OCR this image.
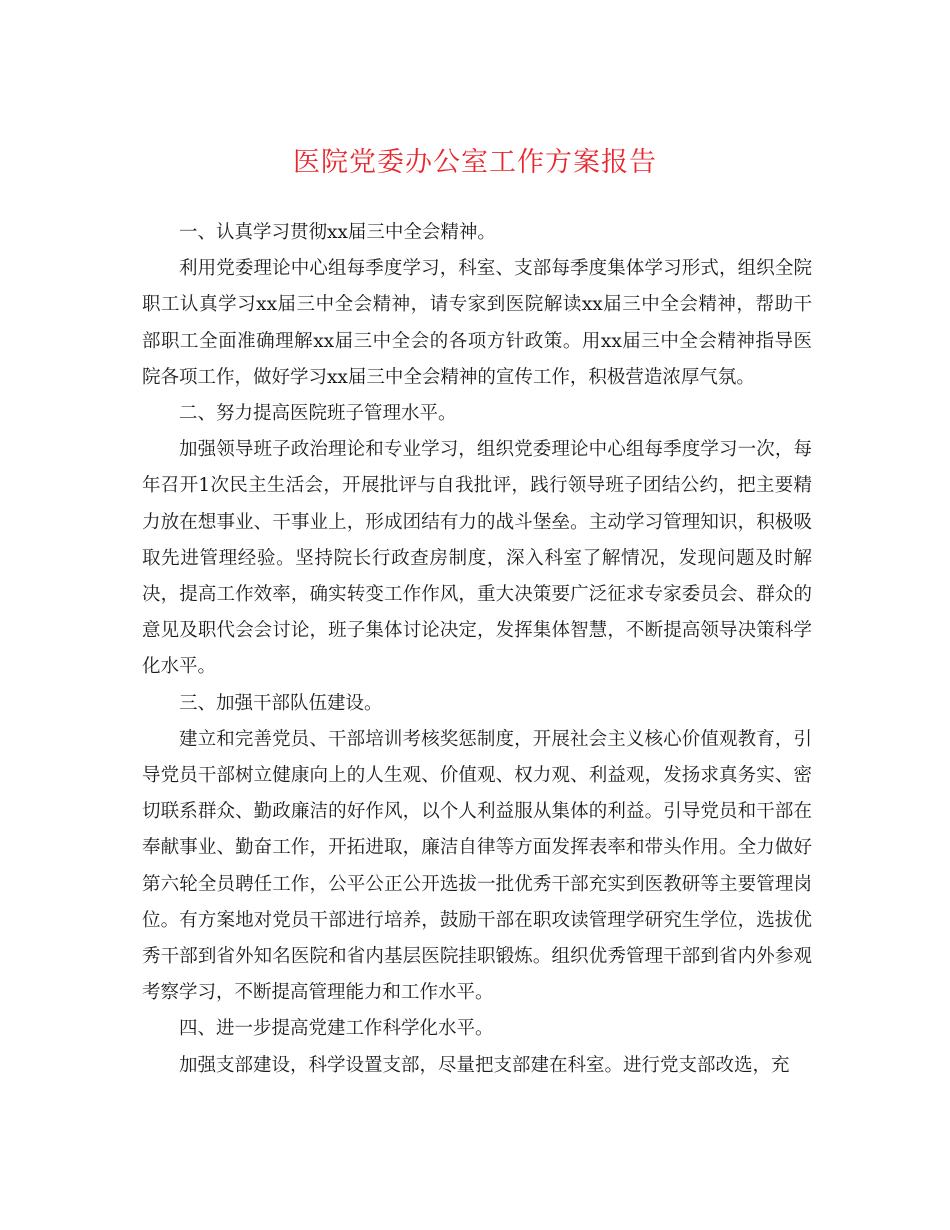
医院党委办公室工作方案报告

一、认真学习贯彻xx届三中全会精神。

利用党委理论中心组每季度学习，科室、支部每季度集体学习形式，组织全院职工认真学习xx届三中全会精神，请专家到医院解读xx届三中全会精神，帮助干部职工全面准确理解xx届三中全会的各项方针政策。用xx届三中全会精神指导医院各项工作，做好学习xx届三中全会精神的宣传工作，积极营造浓厚气氛。

二、努力提高医院班子管理水平。

加强领导班子政治理论和专业学习，组织党委理论中心组每季度学习一次，每年召开1次民主生活会，开展批评与自我批评，践行领导班子团结公约，把主要精力放在想事业、干事业上，形成团结有力的战斗堡垒。主动学习管理知识，积极吸取先进管理经验。坚持院长行政查房制度，深入科室了解情况，发现问题及时解决，提高工作效率，确实转变工作作风，重大决策要广泛征求专家委员会、群众的意见及职代会会讨论，班子集体讨论决定，发挥集体智慧，不断提高领导决策科学化水平。

三、加强干部队伍建设。

建立和完善党员、干部培训考核奖惩制度，开展社会主义核心价值观教育，引导党员干部树立健康向上的人生观、价值观、权力观、利益观，发扬求真务实、密切联系群众、勤政廉洁的好作风，以个人利益服从集体的利益。引导党员和干部在奉献事业、勤奋工作，开拓进取，廉洁自律等方面发挥表率和带头作用。全力做好第六轮全员聘任工作，公平公正公开选拔一批优秀干部充实到医教研等主要管理岗位。有方案地对党员干部进行培养，鼓励干部在职攻读管理学研究生学位，选拔优秀干部到省外知名医院和省内基层医院挂职锻炼。组织优秀管理干部到省内外参观考察学习，不断提高管理能力和工作水平。

四、进一步提高党建工作科学化水平。

加强支部建设，科学设置支部，尽量把支部建在科室。进行党支部改选，充
